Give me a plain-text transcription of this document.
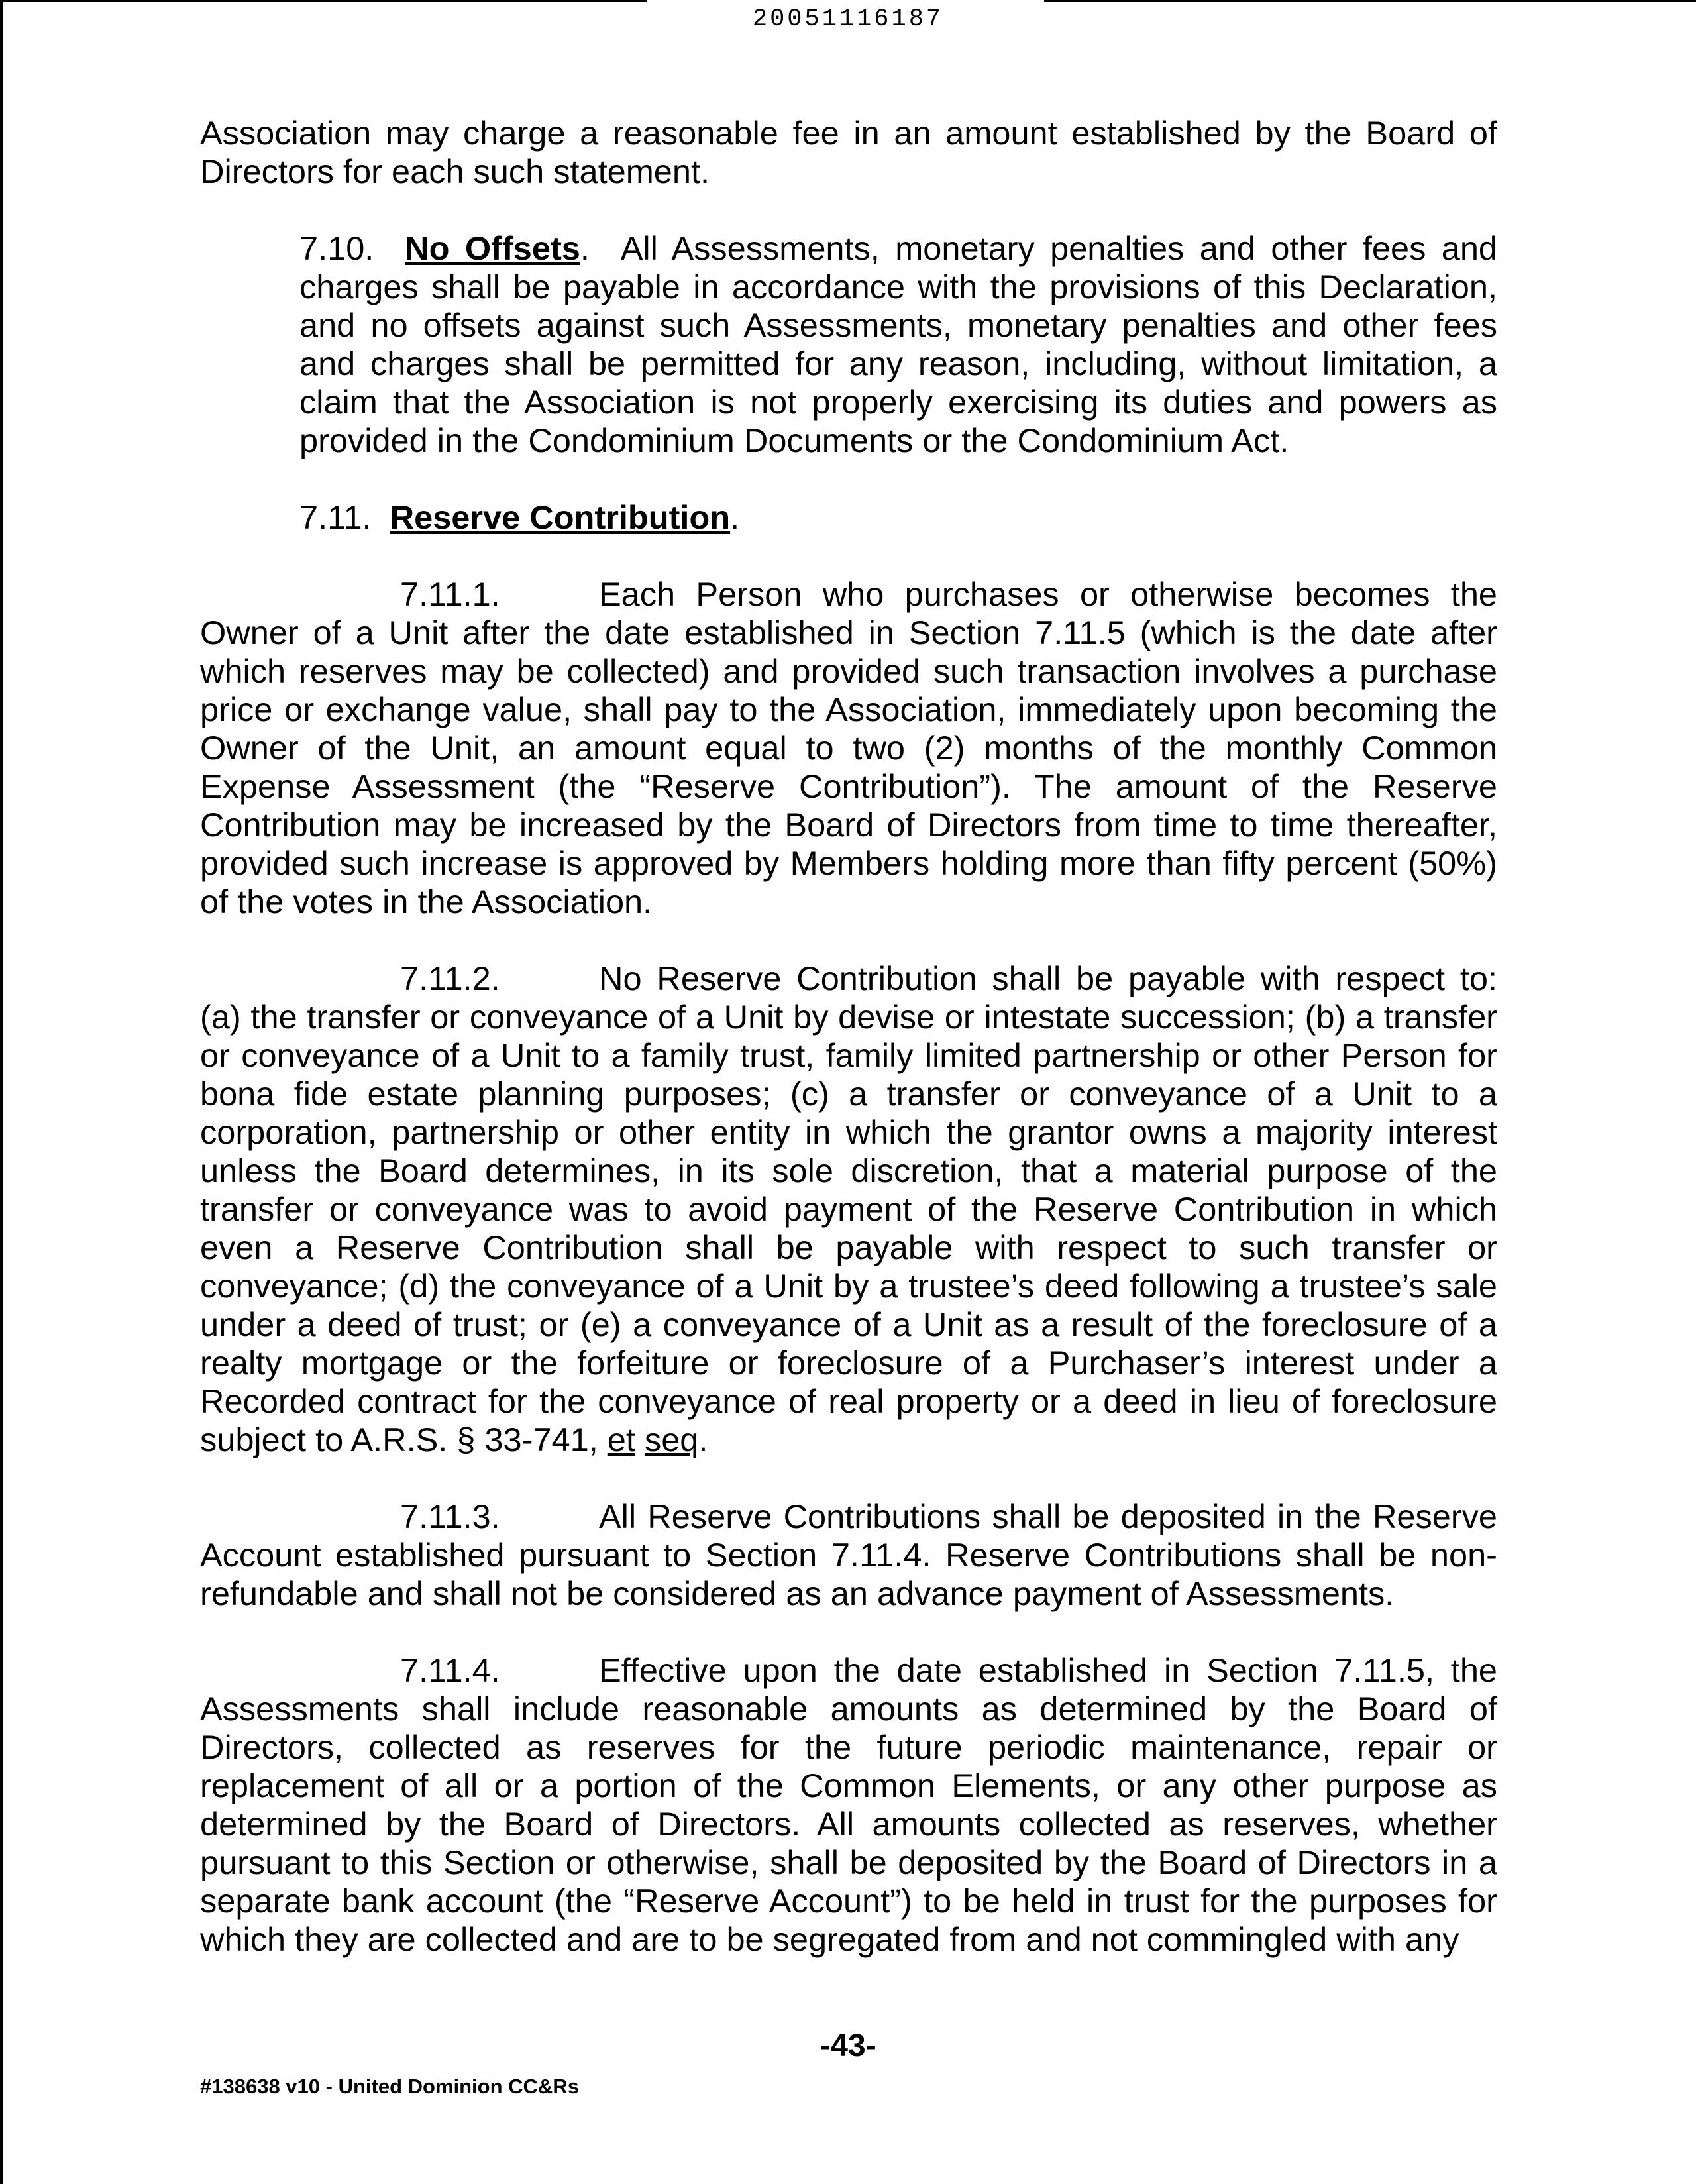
20051116187

Association may charge a reasonable fee in an amount established by the Board of Directors for each such statement.

7.10. No Offsets.  All Assessments, monetary penalties and other fees and charges shall be payable in accordance with the provisions of this Declaration, and no offsets against such Assessments, monetary penalties and other fees and charges shall be permitted for any reason, including, without limitation, a claim that the Association is not properly exercising its duties and powers as provided in the Condominium Documents or the Condominium Act.

7.11. Reserve Contribution.

7.11.1.	Each Person who purchases or otherwise becomes the Owner of a Unit after the date established in Section 7.11.5 (which is the date after which reserves may be collected) and provided such transaction involves a purchase price or exchange value, shall pay to the Association, immediately upon becoming the Owner of the Unit, an amount equal to two (2) months of the monthly Common Expense Assessment (the “Reserve Contribution”). The amount of the Reserve Contribution may be increased by the Board of Directors from time to time thereafter, provided such increase is approved by Members holding more than fifty percent (50%) of the votes in the Association.

7.11.2.	No Reserve Contribution shall be payable with respect to: (a) the transfer or conveyance of a Unit by devise or intestate succession; (b) a transfer or conveyance of a Unit to a family trust, family limited partnership or other Person for bona fide estate planning purposes; (c) a transfer or conveyance of a Unit to a corporation, partnership or other entity in which the grantor owns a majority interest unless the Board determines, in its sole discretion, that a material purpose of the transfer or conveyance was to avoid payment of the Reserve Contribution in which even a Reserve Contribution shall be payable with respect to such transfer or conveyance; (d) the conveyance of a Unit by a trustee’s deed following a trustee’s sale under a deed of trust; or (e) a conveyance of a Unit as a result of the foreclosure of a realty mortgage or the forfeiture or foreclosure of a Purchaser’s interest under a Recorded contract for the conveyance of real property or a deed in lieu of foreclosure subject to A.R.S. § 33-741, et seq.

7.11.3.	All Reserve Contributions shall be deposited in the Reserve Account established pursuant to Section 7.11.4. Reserve Contributions shall be non-refundable and shall not be considered as an advance payment of Assessments.

7.11.4.	Effective upon the date established in Section 7.11.5, the Assessments shall include reasonable amounts as determined by the Board of Directors, collected as reserves for the future periodic maintenance, repair or replacement of all or a portion of the Common Elements, or any other purpose as determined by the Board of Directors. All amounts collected as reserves, whether pursuant to this Section or otherwise, shall be deposited by the Board of Directors in a separate bank account (the “Reserve Account”) to be held in trust for the purposes for which they are collected and are to be segregated from and not commingled with any

-43-
#138638 v10 - United Dominion CC&Rs
